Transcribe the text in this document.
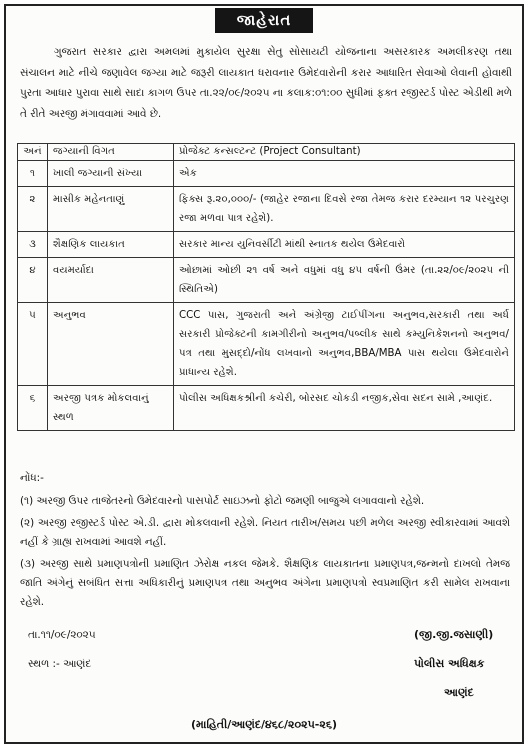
જાહેરાત

ગુજરાત સરકાર દ્વારા અમલમાં મુકાયેલ સુરક્ષા સેતુ સોસાયટી યોજનાના અસરકારક અમલીકરણ તથા સંચાલન માટે નીચે જણાવેલ જગ્યા માટે જરૂરી લાયકાત ધરાવનાર ઉમેદવારોની કરાર આધારિત સેવાઓ લેવાની હોવાથી પુરતા આધાર પુરાવા સાથે સાદા કાગળ ઉપર તા.૨૨/૦૯/૨૦૨૫ ના કલાક:૦૧:૦૦ સુધીમાં ફક્ત રજીસ્ટર્ડ પોસ્ટ એડીથી મળે તે રીતે અરજી મંગાવવામાં આવે છે.

અનં	જગ્યાની વિગત	પ્રોજેક્ટ કન્સલ્ટન્ટ (Project Consultant)
૧	ખાલી જગ્યાની સંખ્યા	એક
૨	માસીક મહેનતાણું	ફિક્સ રૂ.૨૦,૦૦૦/- (જાહેર રજાના દિવસે રજા તેમજ કરાર દરમ્યાન ૧૨ પરચુરણ રજા મળવા પાત્ર રહેશે).
૩	શૈક્ષણિક લાયકાત	સરકાર માન્ય યુનિવર્સીટી માંથી સ્નાતક થયેલ ઉમેદવારો
૪	વયમર્યાદા	ઓછામાં ઓછી ૨૧ વર્ષ અને વધુમાં વધુ ૪૫ વર્ષની ઉંમર (તા.૨૨/૦૯/૨૦૨૫ ની સ્થિતિએ)
૫	અનુભવ	CCC પાસ, ગુજરાતી અને અંગ્રેજી ટાઈપીંગના અનુભવ,સરકારી તથા અર્ધ સરકારી પ્રોજેક્ટની કામગીરીનો અનુભવ/પબ્લીક સાથે કમ્યુનિકેશનનો અનુભવ/પત્ર તથા મુસદ્દો/નોંધ લખવાનો અનુભવ,BBA/MBA પાસ થયેલા ઉમેદવારોને પ્રાધાન્ય રહેશે.
૬	અરજી પત્રક મોકલવાનું સ્થળ	પોલીસ અધિક્ષકશ્રીની કચેરી, બોરસદ ચોકડી નજીક,સેવા સદન સામે ,આણંદ.
નોંધ:-
(૧) અરજી ઉપર તાજેતરનો ઉમેદવારનો પાસપોર્ટ સાઇઝનો ફોટો જમણી બાજુએ લગાવવાનો રહેશે.
(૨) અરજી રજીસ્ટર્ડ પોસ્ટ એ.ડી. દ્વારા મોકલવાની રહેશે. નિયત તારીખ/સમય પછી મળેલ અરજી સ્વીકારવામાં આવશે નહીં કે ગ્રાહ્ય રાખવામાં આવશે નહીં.
(૩) અરજી સાથે પ્રમાણપત્રોની પ્રમાણિત ઝેરોક્ષ નકલ જેમકે. શૈક્ષણિક લાયકાતના પ્રમાણપત્ર,જન્મનો દાખલો તેમજ જાતિ અંગેનું સબંધિત સત્તા અધિકારીનું પ્રમાણપત્ર તથા અનુભવ અંગેના પ્રમાણપત્રો સ્વપ્રમાણિત કરી સામેલ રાખવાના રહેશે.
તા.૧૧/૦૯/૨૦૨૫
સ્થળ :- આણંદ
(જી.જી.જસાણી)
પોલીસ અધિક્ષક
આણંદ
(માહિતી/આણંદ/૪૬૮/૨૦૨૫-૨૬)
